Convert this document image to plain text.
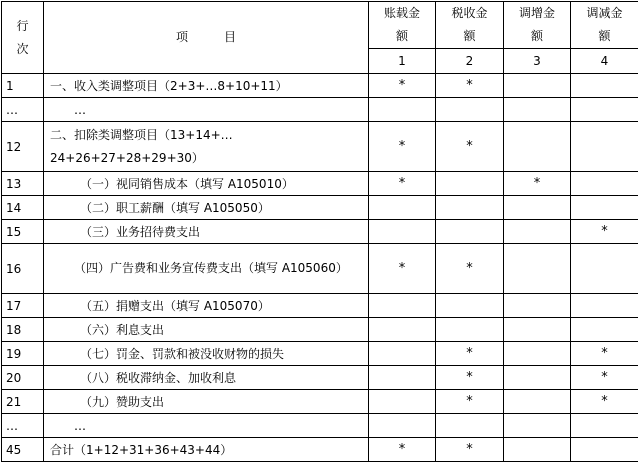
行次	项　　　目	账载金额	税收金额	调增金额	调减金额
		1	2	3	4
1	一、收入类调整项目（2+3+…8+10+11）	*	*		
…	…				
12	二、扣除类调整项目（13+14+…24+26+27+28+29+30）	*	*		
13	（一）视同销售成本（填写 A105010）	*		*	
14	（二）职工薪酬（填写 A105050）				
15	（三）业务招待费支出				*
16	（四）广告费和业务宣传费支出（填写 A105060）	*	*		
17	（五）捐赠支出（填写 A105070）				
18	（六）利息支出				
19	（七）罚金、罚款和被没收财物的损失		*		*
20	（八）税收滞纳金、加收利息		*		*
21	（九）赞助支出		*		*
…	…				
45	合计（1+12+31+36+43+44）	*	*		
